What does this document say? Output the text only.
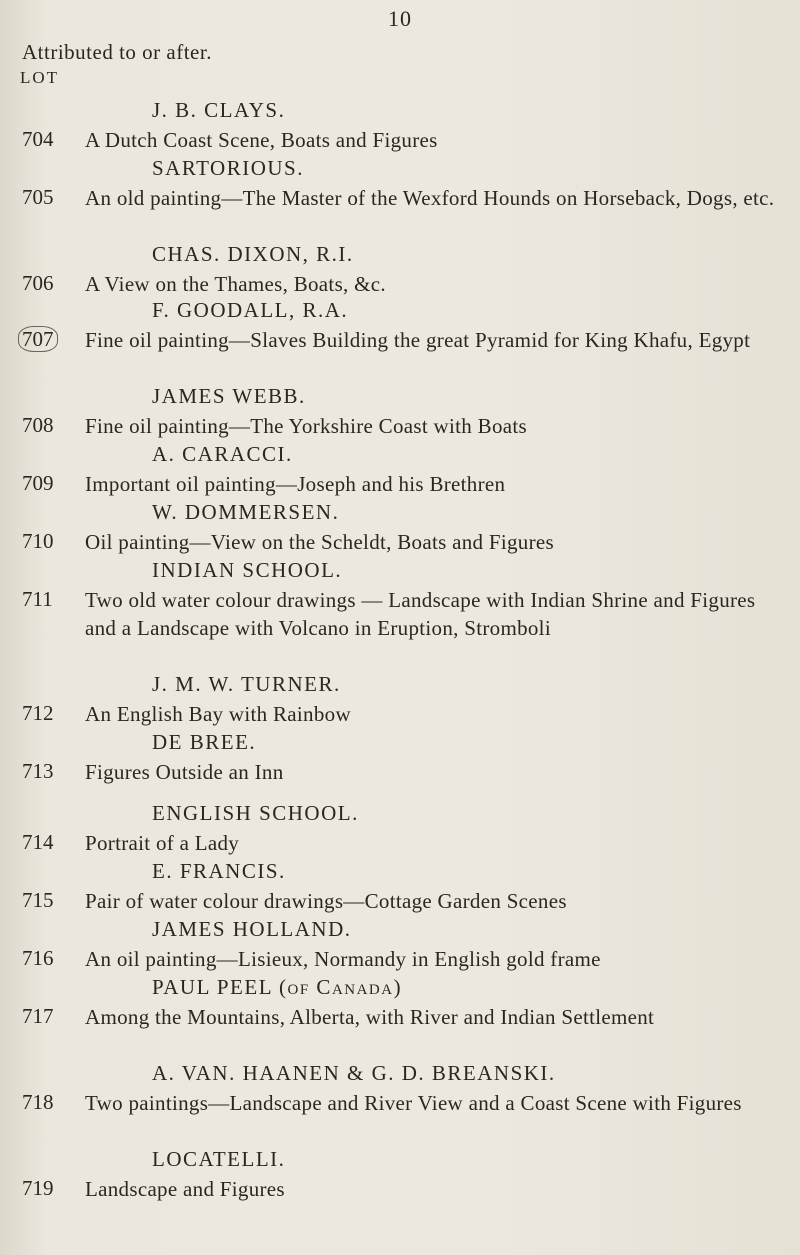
10
Attributed to or after.
LOT
J. B. CLAYS.
704	A Dutch Coast Scene, Boats and Figures
SARTORIOUS.
705	An old painting—The Master of the Wexford Hounds on Horseback, Dogs, etc.
CHAS. DIXON, R.I.
706	A View on the Thames, Boats, &c.
F. GOODALL, R.A.
707	Fine oil painting—Slaves Building the great Pyramid for King Khafu, Egypt
JAMES WEBB.
708	Fine oil painting—The Yorkshire Coast with Boats
A. CARACCI.
709	Important oil painting—Joseph and his Brethren
W. DOMMERSEN.
710	Oil painting—View on the Scheldt, Boats and Figures
INDIAN SCHOOL.
711	Two old water colour drawings — Landscape with Indian Shrine and Figures and a Landscape with Volcano in Eruption, Stromboli
J. M. W. TURNER.
712	An English Bay with Rainbow
DE BREE.
713	Figures Outside an Inn
ENGLISH SCHOOL.
714	Portrait of a Lady
E. FRANCIS.
715	Pair of water colour drawings—Cottage Garden Scenes
JAMES HOLLAND.
716	An oil painting—Lisieux, Normandy in English gold frame
PAUL PEEL (of Canada)
717	Among the Mountains, Alberta, with River and Indian Settlement
A. VAN. HAANEN & G. D. BREANSKI.
718	Two paintings—Landscape and River View and a Coast Scene with Figures
LOCATELLI.
719	Landscape and Figures
